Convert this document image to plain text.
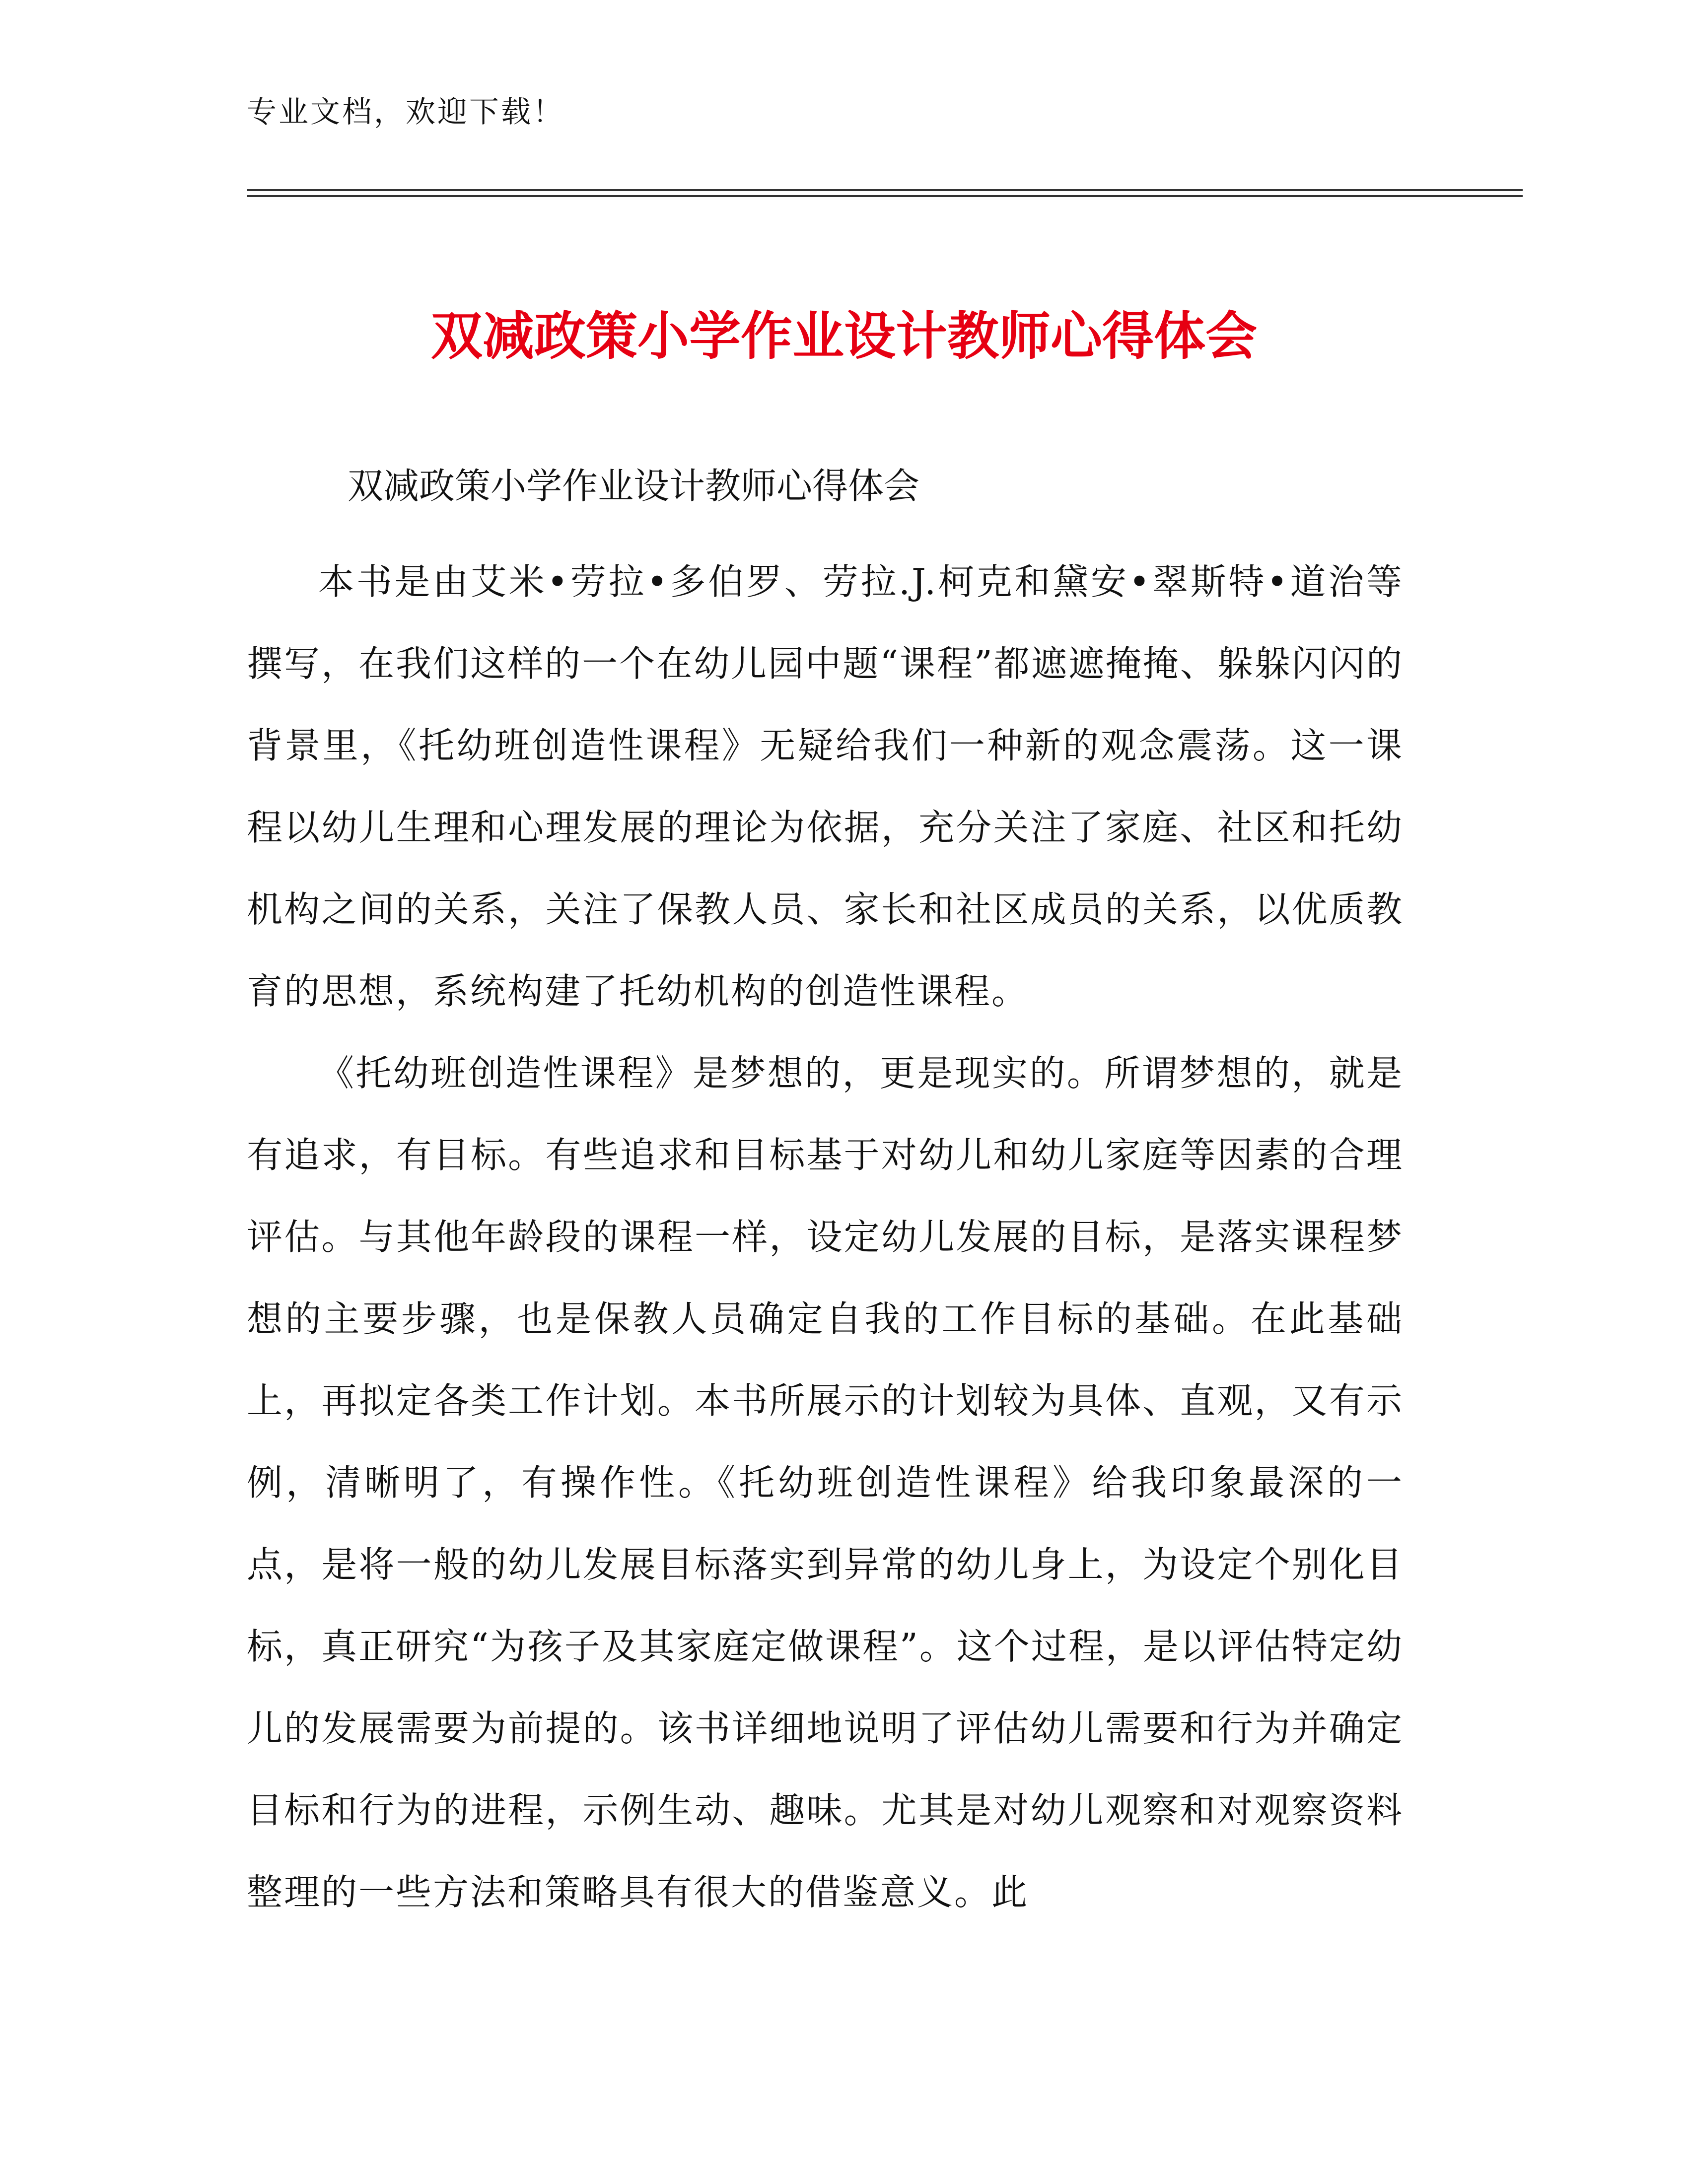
专业文档，欢迎下载！
双减政策小学作业设计教师心得体会
双减政策小学作业设计教师心得体会

本书是由艾米•劳拉•多伯罗、劳拉.J.柯克和黛安•翠斯特•道治等撰写，在我们这样的一个在幼儿园中题“课程”都遮遮掩掩、躲躲闪闪的背景里，《托幼班创造性课程》无疑给我们一种新的观念震荡。这一课程以幼儿生理和心理发展的理论为依据，充分关注了家庭、社区和托幼机构之间的关系，关注了保教人员、家长和社区成员的关系，以优质教育的思想，系统构建了托幼机构的创造性课程。

《托幼班创造性课程》是梦想的，更是现实的。所谓梦想的，就是有追求，有目标。有些追求和目标基于对幼儿和幼儿家庭等因素的合理评估。与其他年龄段的课程一样，设定幼儿发展的目标，是落实课程梦想的主要步骤，也是保教人员确定自我的工作目标的基础。在此基础上，再拟定各类工作计划。本书所展示的计划较为具体、直观，又有示例，清晰明了，有操作性。《托幼班创造性课程》给我印象最深的一点，是将一般的幼儿发展目标落实到异常的幼儿身上，为设定个别化目标，真正研究“为孩子及其家庭定做课程”。这个过程，是以评估特定幼儿的发展需要为前提的。该书详细地说明了评估幼儿需要和行为并确定目标和行为的进程，示例生动、趣味。尤其是对幼儿观察和对观察资料整理的一些方法和策略具有很大的借鉴意义。此
